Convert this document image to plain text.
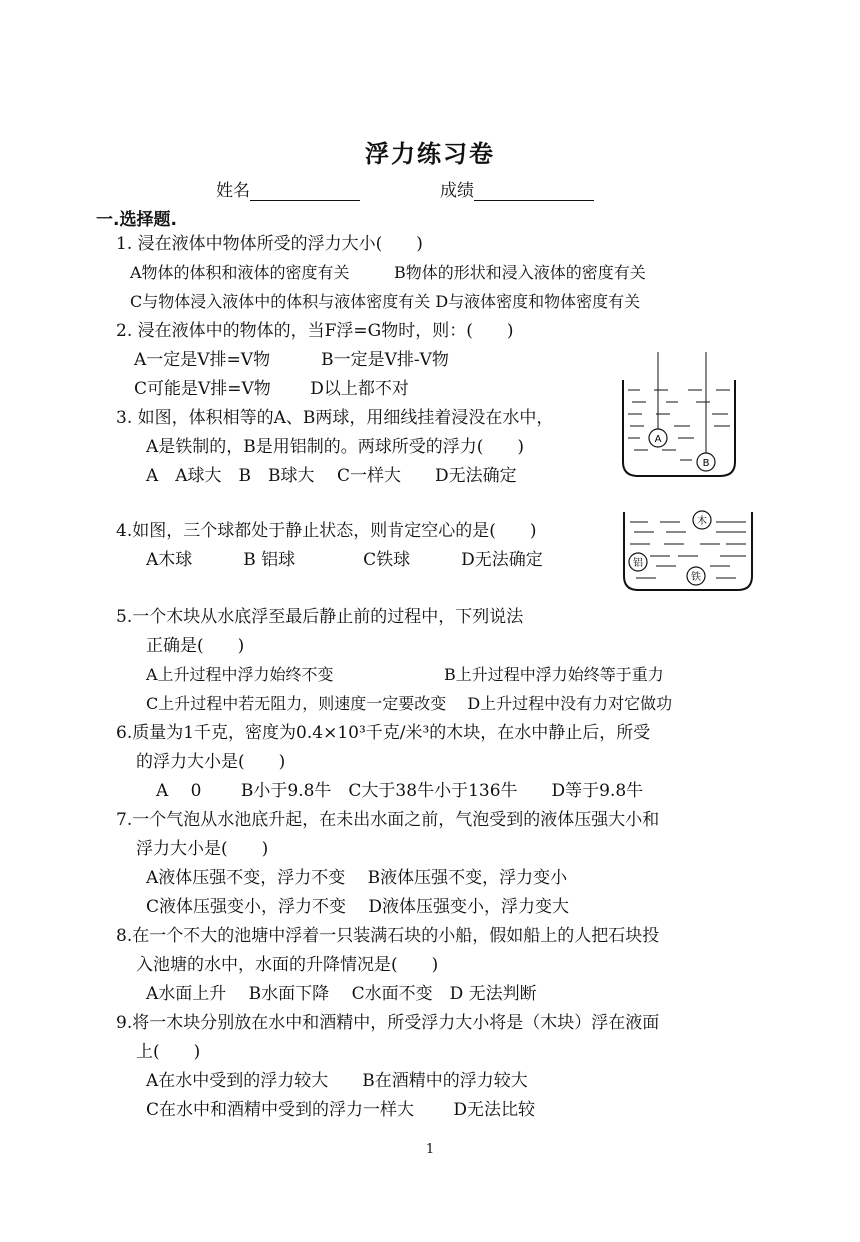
浮力练习卷
姓名	成绩
一.选择题.
1. 浸在液体中物体所受的浮力大小(　　)
A物体的体积和液体的密度有关	B物体的形状和浸入液体的密度有关
C与物体浸入液体中的体积与液体密度有关 D与液体密度和物体密度有关
2. 浸在液体中的物体的，当F浮=G物时，则：(　　)
A一定是V排=V物　　　B一定是V排-V物
C可能是V排=V物　　 D以上都不对
3. 如图，体积相等的A、B两球，用细线挂着浸没在水中，
A是铁制的，B是用铝制的。两球所受的浮力(　　)
A　A球大　B　B球大　 C一样大　　D无法确定
A
B
4.如图，三个球都处于静止状态，则肯定空心的是(　　)
A木球　　　B 铝球　　　　C铁球　　　D无法确定
木
铝
铁
5.一个木块从水底浮至最后静止前的过程中，下列说法
正确是(　　)
A上升过程中浮力始终不变	B上升过程中浮力始终等于重力
C上升过程中若无阻力，则速度一定要改变　 D上升过程中没有力对它做功
6.质量为1千克，密度为0.4×10³千克/米³的木块，在水中静止后，所受
的浮力大小是(　　)
A　 0　　 B小于9.8牛　C大于38牛小于136牛　　D等于9.8牛
7.一个气泡从水池底升起，在未出水面之前，气泡受到的液体压强大小和
浮力大小是(　　)
A液体压强不变，浮力不变　 B液体压强不变，浮力变小
C液体压强变小，浮力不变　 D液体压强变小，浮力变大
8.在一个不大的池塘中浮着一只装满石块的小船，假如船上的人把石块投
入池塘的水中，水面的升降情况是(　　)
A水面上升　 B水面下降　 C水面不变　D 无法判断
9.将一木块分别放在水中和酒精中，所受浮力大小将是（木块）浮在液面
上(　　)
A在水中受到的浮力较大　　B在酒精中的浮力较大
C在水中和酒精中受到的浮力一样大　　 D无法比较
1
